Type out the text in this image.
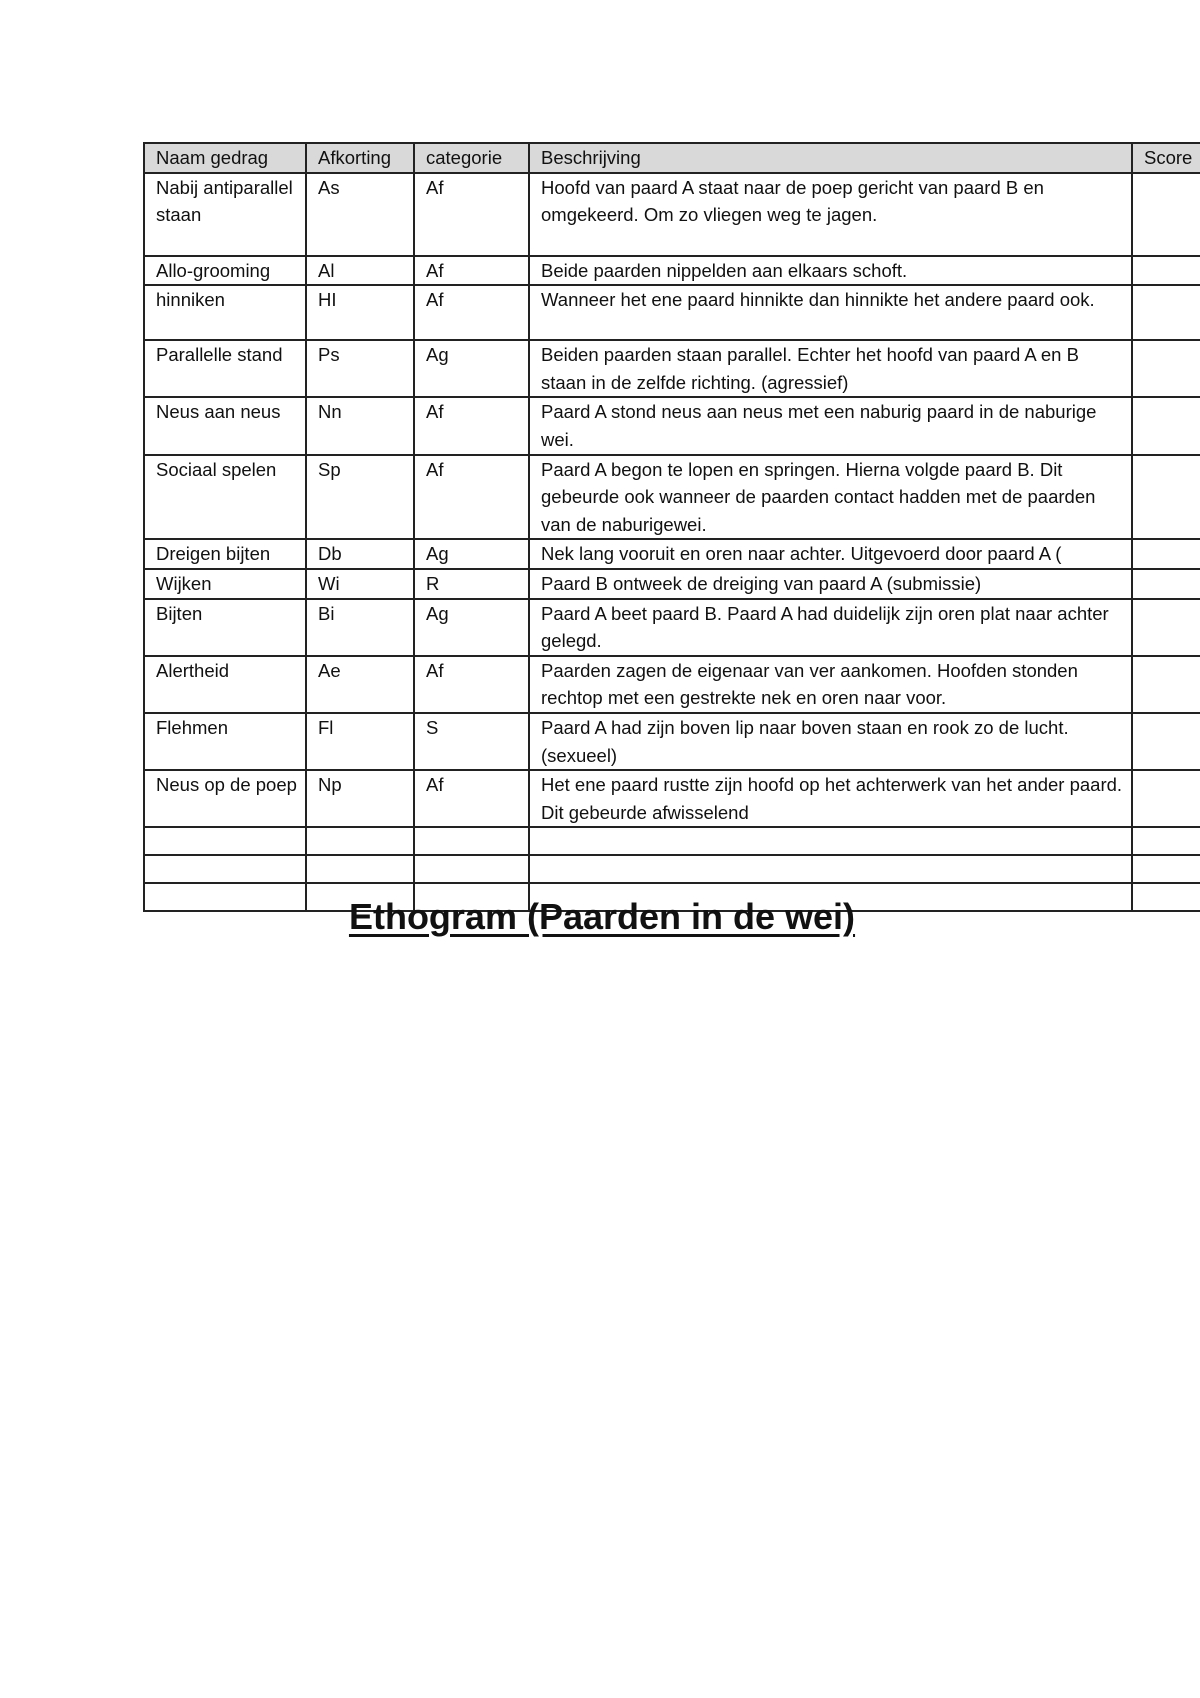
Naam gedrag	Afkorting	categorie	Beschrijving	Score
Nabij antiparallel staan	As	Af	Hoofd van paard A staat naar de poep gericht van paard B en omgekeerd. Om zo vliegen weg te jagen.	
Allo-grooming	Al	Af	Beide paarden nippelden aan elkaars schoft.	
hinniken	HI	Af	Wanneer het ene paard hinnikte dan hinnikte het andere paard ook.	
Parallelle stand	Ps	Ag	Beiden paarden staan parallel. Echter het hoofd van paard A en B staan in de zelfde richting. (agressief)	
Neus aan neus	Nn	Af	Paard A stond neus aan neus met een naburig paard in de naburige wei.	
Sociaal spelen	Sp	Af	Paard A begon te lopen en springen. Hierna volgde paard B. Dit gebeurde ook wanneer de paarden contact hadden met de paarden van de naburigewei.	
Dreigen bijten	Db	Ag	Nek lang vooruit en oren naar achter. Uitgevoerd door paard A (	
Wijken	Wi	R	Paard B ontweek de dreiging van paard A (submissie)	
Bijten	Bi	Ag	Paard A beet paard B. Paard A had duidelijk zijn oren plat naar achter gelegd.	
Alertheid	Ae	Af	Paarden zagen de eigenaar van ver aankomen. Hoofden stonden rechtop met een gestrekte nek en oren naar voor.	
Flehmen	Fl	S	Paard A had zijn boven lip naar boven staan en rook zo de lucht. (sexueel)	
Neus op de poep	Np	Af	Het ene paard rustte zijn hoofd op het achterwerk van het ander paard. Dit gebeurde afwisselend	

Ethogram (Paarden in de wei)
